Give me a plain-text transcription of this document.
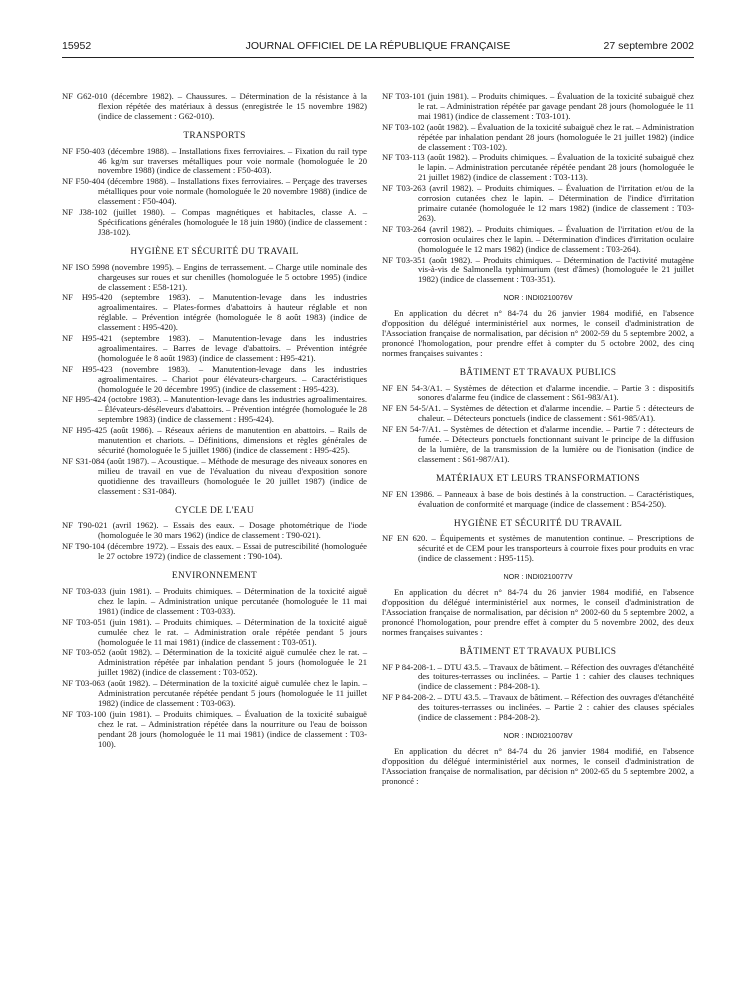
15952	JOURNAL OFFICIEL DE LA RÉPUBLIQUE FRANÇAISE	27 septembre 2002

NF G62-010 (décembre 1982). – Chaussures. – Détermination de la résistance à la flexion répétée des matériaux à dessus (enregistrée le 15 novembre 1982) (indice de classement : G62-010).

TRANSPORTS

NF F50-403 (décembre 1988). – Installations fixes ferroviaires. – Fixation du rail type 46 kg/m sur traverses métalliques pour voie normale (homologuée le 20 novembre 1988) (indice de classement : F50-403).

NF F50-404 (décembre 1988). – Installations fixes ferroviaires. – Perçage des traverses métalliques pour voie normale (homologuée le 20 novembre 1988) (indice de classement : F50-404).

NF J38-102 (juillet 1980). – Compas magnétiques et habitacles, classe A. – Spécifications générales (homologuée le 18 juin 1980) (indice de classement : J38-102).

HYGIÈNE ET SÉCURITÉ DU TRAVAIL

NF ISO 5998 (novembre 1995). – Engins de terrassement. – Charge utile nominale des chargeuses sur roues et sur chenilles (homologuée le 5 octobre 1995) (indice de classement : E58-121).

NF H95-420 (septembre 1983). – Manutention-levage dans les industries agroalimentaires. – Plates-formes d'abattoirs à hauteur réglable et non réglable. – Prévention intégrée (homologuée le 8 août 1983) (indice de classement : H95-420).

NF H95-421 (septembre 1983). – Manutention-levage dans les industries agroalimentaires. – Barres de levage d'abattoirs. – Prévention intégrée (homologuée le 8 août 1983) (indice de classement : H95-421).

NF H95-423 (novembre 1983). – Manutention-levage dans les industries agroalimentaires. – Chariot pour élévateurs-chargeurs. – Caractéristiques (homologuée le 20 décembre 1995) (indice de classement : H95-423).

NF H95-424 (octobre 1983). – Manutention-levage dans les industries agroalimentaires. – Élévateurs-déséleveurs d'abattoirs. – Prévention intégrée (homologuée le 28 septembre 1983) (indice de classement : H95-424).

NF H95-425 (août 1986). – Réseaux aériens de manutention en abattoirs. – Rails de manutention et chariots. – Définitions, dimensions et règles générales de sécurité (homologuée le 5 juillet 1986) (indice de classement : H95-425).

NF S31-084 (août 1987). – Acoustique. – Méthode de mesurage des niveaux sonores en milieu de travail en vue de l'évaluation du niveau d'exposition sonore quotidienne des travailleurs (homologuée le 20 juillet 1987) (indice de classement : S31-084).

CYCLE DE L'EAU

NF T90-021 (avril 1962). – Essais des eaux. – Dosage photométrique de l'iode (homologuée le 30 mars 1962) (indice de classement : T90-021).

NF T90-104 (décembre 1972). – Essais des eaux. – Essai de putrescibilité (homologuée le 27 octobre 1972) (indice de classement : T90-104).

ENVIRONNEMENT

NF T03-033 (juin 1981). – Produits chimiques. – Détermination de la toxicité aiguë chez le lapin. – Administration unique percutanée (homologuée le 11 mai 1981) (indice de classement : T03-033).

NF T03-051 (juin 1981). – Produits chimiques. – Détermination de la toxicité aiguë cumulée chez le rat. – Administration orale répétée pendant 5 jours (homologuée le 11 mai 1981) (indice de classement : T03-051).

NF T03-052 (août 1982). – Détermination de la toxicité aiguë cumulée chez le rat. – Administration répétée par inhalation pendant 5 jours (homologuée le 21 juillet 1982) (indice de classement : T03-052).

NF T03-063 (août 1982). – Détermination de la toxicité aiguë cumulée chez le lapin. – Administration percutanée répétée pendant 5 jours (homologuée le 11 juillet 1982) (indice de classement : T03-063).

NF T03-100 (juin 1981). – Produits chimiques. – Évaluation de la toxicité subaiguë chez le rat. – Administration répétée dans la nourriture ou l'eau de boisson pendant 28 jours (homologuée le 11 mai 1981) (indice de classement : T03-100).

NF T03-101 (juin 1981). – Produits chimiques. – Évaluation de la toxicité subaiguë chez le rat. – Administration répétée par gavage pendant 28 jours (homologuée le 11 mai 1981) (indice de classement : T03-101).

NF T03-102 (août 1982). – Évaluation de la toxicité subaiguë chez le rat. – Administration répétée par inhalation pendant 28 jours (homologuée le 21 juillet 1982) (indice de classement : T03-102).

NF T03-113 (août 1982). – Produits chimiques. – Évaluation de la toxicité subaiguë chez le lapin. – Administration percutanée répétée pendant 28 jours (homologuée le 21 juillet 1982) (indice de classement : T03-113).

NF T03-263 (avril 1982). – Produits chimiques. – Évaluation de l'irritation et/ou de la corrosion cutanées chez le lapin. – Détermination de l'indice d'irritation primaire cutanée (homologuée le 12 mars 1982) (indice de classement : T03-263).

NF T03-264 (avril 1982). – Produits chimiques. – Évaluation de l'irritation et/ou de la corrosion oculaires chez le lapin. – Détermination d'indices d'irritation oculaire (homologuée le 12 mars 1982) (indice de classement : T03-264).

NF T03-351 (août 1982). – Produits chimiques. – Détermination de l'activité mutagène vis-à-vis de Salmonella typhimurium (test d'âmes) (homologuée le 21 juillet 1982) (indice de classement : T03-351).

NOR : INDI0210076V

En application du décret n° 84-74 du 26 janvier 1984 modifié, en l'absence d'opposition du délégué interministériel aux normes, le conseil d'administration de l'Association française de normalisation, par décision n° 2002-59 du 5 septembre 2002, a prononcé l'homologation, pour prendre effet à compter du 5 octobre 2002, des cinq normes françaises suivantes :

BÂTIMENT ET TRAVAUX PUBLICS

NF EN 54-3/A1. – Systèmes de détection et d'alarme incendie. – Partie 3 : dispositifs sonores d'alarme feu (indice de classement : S61-983/A1).

NF EN 54-5/A1. – Systèmes de détection et d'alarme incendie. – Partie 5 : détecteurs de chaleur. – Détecteurs ponctuels (indice de classement : S61-985/A1).

NF EN 54-7/A1. – Systèmes de détection et d'alarme incendie. – Partie 7 : détecteurs de fumée. – Détecteurs ponctuels fonctionnant suivant le principe de la diffusion de la lumière, de la transmission de la lumière ou de l'ionisation (indice de classement : S61-987/A1).

MATÉRIAUX ET LEURS TRANSFORMATIONS

NF EN 13986. – Panneaux à base de bois destinés à la construction. – Caractéristiques, évaluation de conformité et marquage (indice de classement : B54-250).

HYGIÈNE ET SÉCURITÉ DU TRAVAIL

NF EN 620. – Équipements et systèmes de manutention continue. – Prescriptions de sécurité et de CEM pour les transporteurs à courroie fixes pour produits en vrac (indice de classement : H95-115).

NOR : INDI0210077V

En application du décret n° 84-74 du 26 janvier 1984 modifié, en l'absence d'opposition du délégué interministériel aux normes, le conseil d'administration de l'Association française de normalisation, par décision n° 2002-60 du 5 septembre 2002, a prononcé l'homologation, pour prendre effet à compter du 5 novembre 2002, des deux normes françaises suivantes :

BÂTIMENT ET TRAVAUX PUBLICS

NF P 84-208-1. – DTU 43.5. – Travaux de bâtiment. – Réfection des ouvrages d'étanchéité des toitures-terrasses ou inclinées. – Partie 1 : cahier des clauses techniques (indice de classement : P84-208-1).

NF P 84-208-2. – DTU 43.5. – Travaux de bâtiment. – Réfection des ouvrages d'étanchéité des toitures-terrasses ou inclinées. – Partie 2 : cahier des clauses spéciales (indice de classement : P84-208-2).

NOR : INDI0210078V

En application du décret n° 84-74 du 26 janvier 1984 modifié, en l'absence d'opposition du délégué interministériel aux normes, le conseil d'administration de l'Association française de normalisation, par décision n° 2002-65 du 5 septembre 2002, a prononcé :
